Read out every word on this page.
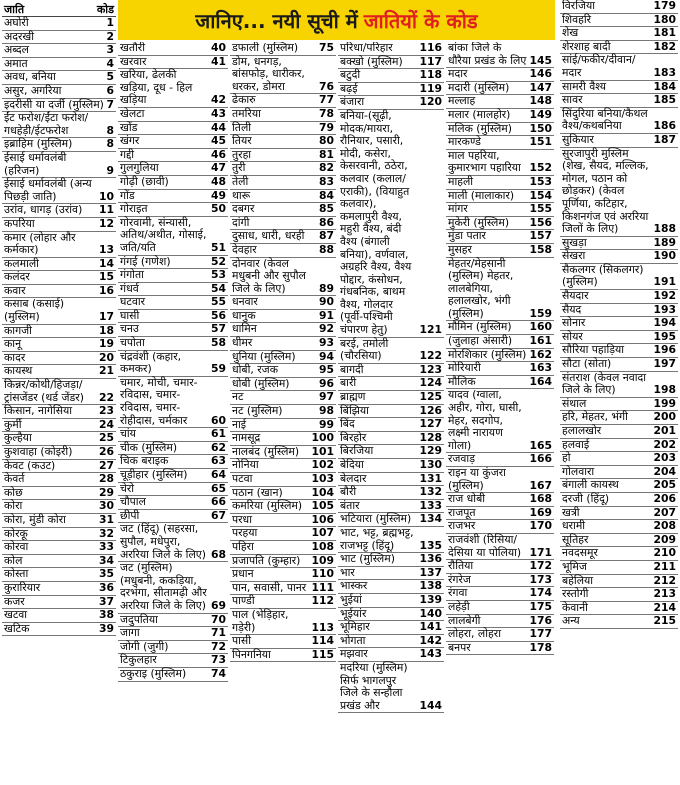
जानिए... नयी सूची में जातियों के कोड
जाति	कोड
अघोरी	1
अदरखी	2
अब्दल	3
अमात	4
अवध, बनिया	5
असुर, अगरिया	6
इदरीसी या दर्जी (मुस्लिम) 7
ईंट फरोश/ईंटा फरोश/गधहेड़ी/ईटफरोश	8
इब्राहिम (मुस्लिम)	8
ईसाई धर्मावलंबी (हरिजन)	9
ईसाई धर्मावलंबी (अन्य पिछड़ी जाति)	10
उरांव, धागड़ (उरांव)	11
कपरिया	12
कमार (लोहार और कर्मकार)	13
कलमाली	14
कलंदर	15
कवार	16
कसाब (कसाई) (मुस्लिम)	17
कागजी	18
कानू	19
कादर	20
कायस्थ	21
किन्नर/कोथी/हिजड़ा/ट्रांसजेंडर (थर्ड जेंडर)	22
किसान, नागेसिया	23
कुर्मी	24
कुल्हैया	25
कुशवाहा (कोइरी)	26
केवट (कउट)	27
केवर्त	28
कोछ	29
कोरा	30
कोरा, मुंडी कोरा	31
कोरकू	32
कोरवा	33
कोल	34
कोस्ता	35
कुरारियार	36
कजर	37
खटवा	38
खटिक	39
खतौरी	40
खरवार	41
खरिया, ढेलकी खड़िया, दूध - हिल खड़िया	42
खेलटा	43
खोंड	44
खंगर	45
गद्दी	46
गुलगुलिया	47
गोढ़ी (छावी)	48
गोंड	49
गोराइत	50
गोरवामी, संन्यासी, अतिथ/अथीत, गोसाई, जति/यति	51
गंगई (गणेश)	52
गंगोता	53
गंधर्व	54
घटवार	55
घासी	56
चनउ	57
चपोता	58
चंद्रवंशी (कहार, कमकर)	59
चमार, मोची, चमार-रविदास, चमार-रविदास, चमार-रोहीदास, चर्मकार	60
चांय	61
चीक (मुस्लिम)	62
चिक बराइक	63
चूड़ीहार (मुस्लिम)	64
चेरो	65
चौपाल	66
छीपी	67
जट (हिंदू) (सहरसा, सुपौल, मधेपुरा, अररिया जिले के लिए) 68
जट (मुस्लिम) (मधुबनी, ककड़िया, दरभंगा, सीतामढ़ी और अररिया जिले के लिए) 69
जदुपतिया	70
जागा	71
जोगी (जुगी)	72
टिकुलहार	73
ठकुराइ (मुस्लिम)	74
डफाली (मुस्लिम)	75
डोम, धनगड़, बांसफोड़, धारीकर, धरकर, डोमरा	76
ढेकारु	77
तमरिया	78
तिली	79
तियर	80
तुरहा	81
तुरी	82
तेली	83
थारू	84
दबगर	85
दांगी	86
दुसाध, धारी, धरही	87
देवहार	88
दोनवार (केवल मधुबनी और सुपौल जिले के लिए)	89
धनवार	90
धानुक	91
धामिन	92
धीमर	93
धुनिया (मुस्लिम)	94
धोबी, रजक	95
धोबी (मुस्लिम)	96
नट	97
नट (मुस्लिम)	98
नाई	99
नामसूद्र	100
नालबंद (मुस्लिम)	101
नोनिया	102
पटवा	103
पठान (खान)	104
कमरिया (मुस्लिम) 105
परधा	106
परहया	107
पहिरा	108
प्रजापति (कुम्हार)	109
प्रधान	110
पान, सवासी, पानर 111
पाण्डी	112
पाल (भेड़िहार, गड़ेरी)	113
पासी	114
पिनगनिया	115
परिधा/परिहार	116
बक्खो (मुस्लिम)	117
बटुदी	118
बढ़ई	119
बंजारा	120
बनिया-(सूढ़ी, मोदक/मायरा, रौनियार, पसारी, मोदी, कसेरा, केसरवानी, ठठेरा, कलवार (कलाल/एराकी), (वियाहुत कलवार), कमलापुरी वैश्य, महुरी वैश्य, बंदी वैश्य (बंगाली बनिया), वर्णवाल, अग्रहरि वैश्य, वैश्य पोद्दार, कंसोधन, गंधबनिक, बाथम वैश्य, गोलदार (पूर्वी-पश्चिमी चंपारण हेतु)	121
बरई, तमोली (चौरसिया)	122
बागदी	123
बारी	124
ब्राह्मण	125
बिंझिया	126
बिंद	127
बिरहोर	128
बिरजिया	129
बेदिया	130
बेलदार	131
बौरी	132
बंतार	133
भटियारा (मुस्लिम) 134
भाट, भट्ट, ब्रह्मभट्ट, राजभट्ट (हिंदू)	135
भाट (मुस्लिम)	136
भार	137
भास्कर	138
भुईयां	139
भूईयांर	140
भूमिहार	141
भोगता	142
मझवार	143
मदरिया (मुस्लिम) सिर्फ भागलपुर जिले के सन्हौला प्रखंड और	144
बांका जिले के धौरैया प्रखंड के लिए 145
मदार	146
मदारी (मुस्लिम)	147
मल्लाह	148
मलार (मालहोर)	149
मलिक (मुस्लिम)	150
मारकण्डे	151
माल पहरिया, कुमारभाग पहारिया 152
माहली	153
माली (मालाकार)	154
मांगर	155
मुकेरी (मुस्लिम)	156
मुंडा पतार	157
मुसहर	158
मेहतर/मेहसानी (मुस्लिम) मेहतर, लालबेगिया, हलालखोर, भंगी (मुस्लिम)	159
मौमिन (मुस्लिम)	160
(जुलाहा अंसारी)	161
मोरशिकार (मुस्लिम) 162
मोरियारी	163
मौलिक	164
यादव (ग्वाला, अहीर, गोरा, घासी, मेहर, सदगोप, लक्ष्मी नारायण गोला)	165
रजवाड़	166
राइन या कुंजरा (मुस्लिम)	167
राज धोबी	168
राजपूत	169
राजभर	170
राजवंशी (रिसिया/देसिया या पोलिया) 171
रौतिया	172
रंगरेज	173
रंगवा	174
लहेड़ी	175
लालबेगी	176
लोहरा, लोहरा	177
बनपर	178
विरजिया	179
शिवहरि	180
शेख	181
शेरशाह बादी	182
सांई/फकीर/दीवान/मदार	183
सामरी वैश्य	184
सावर	185
सिंदुरिया बनिया/कैथल वैश्य/कथबनिया	186
सुकियार	187
सुरजापुरी मुस्लिम (शेख, सैयद, मल्लिक, मोगल, पठान को छोड़कर) (केवल पूर्णिया, कटिहार, किशनगंज एवं अररिया जिलों के लिए)	188
सुखड़ा	189
सेखरा	190
सैकलगर (सिकलगर) (मुस्लिम)	191
सैयदार	192
सैयद	193
सोनार	194
सोयर	195
सौरिया पहाड़िया	196
सौटा (सोता)	197
संतराश (केवल नवादा जिले के लिए)	198
संथाल	199
हरि, मेहतर, भंगी	200
हलालखोर	201
हलवाई	202
हो	203
गोलवारा	204
बंगाली कायस्थ	205
दरजी (हिंदू)	206
खत्री	207
धरामी	208
सूतिहर	209
नवदसमूर	210
भूमिज	211
बहेलिया	212
रस्तोगी	213
केवानी	214
अन्य	215
